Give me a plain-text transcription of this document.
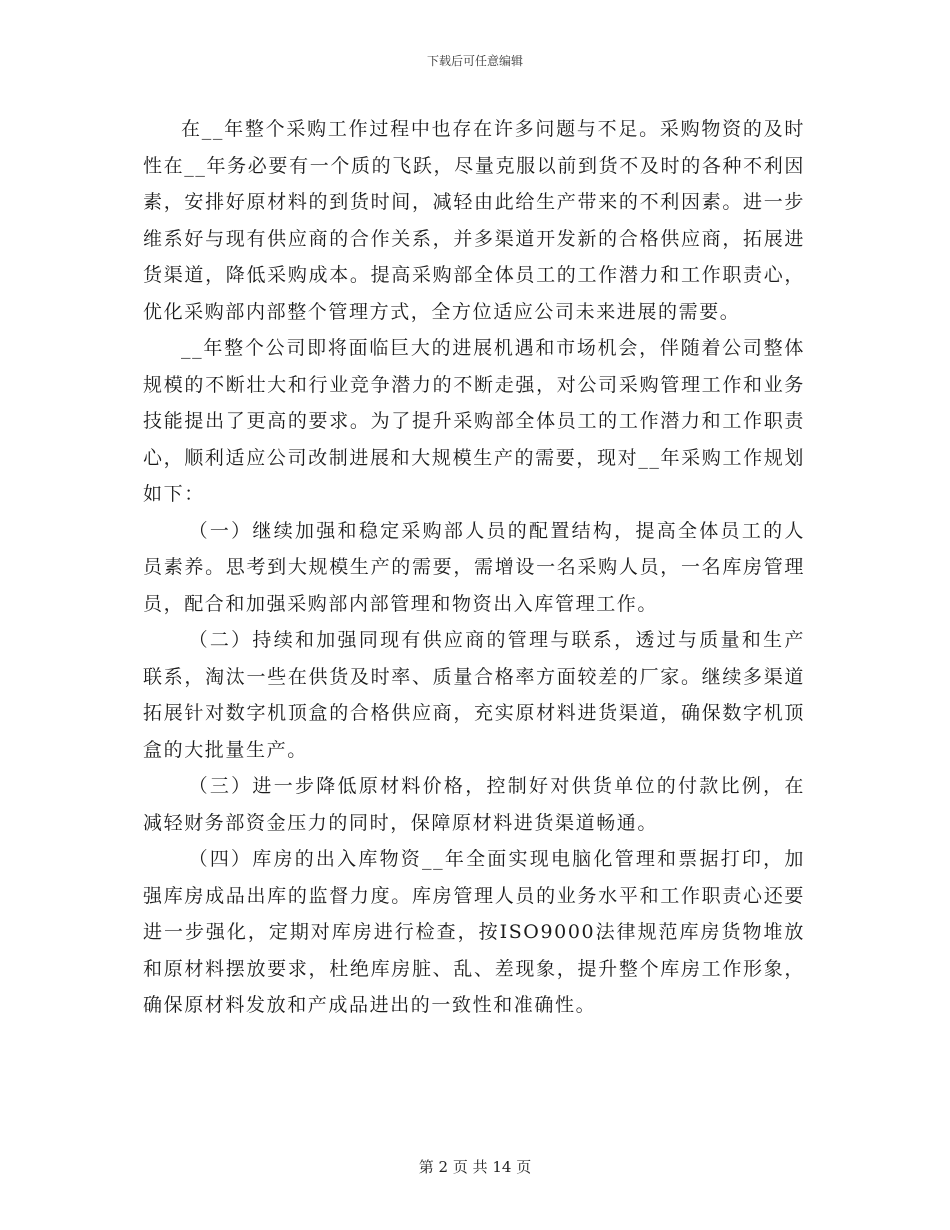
下载后可任意编辑

在__年整个采购工作过程中也存在许多问题与不足。采购物资的及时性在__年务必要有一个质的飞跃，尽量克服以前到货不及时的各种不利因素，安排好原材料的到货时间，减轻由此给生产带来的不利因素。进一步维系好与现有供应商的合作关系，并多渠道开发新的合格供应商，拓展进货渠道，降低采购成本。提高采购部全体员工的工作潜力和工作职责心，优化采购部内部整个管理方式，全方位适应公司未来进展的需要。

__年整个公司即将面临巨大的进展机遇和市场机会，伴随着公司整体规模的不断壮大和行业竞争潜力的不断走强，对公司采购管理工作和业务技能提出了更高的要求。为了提升采购部全体员工的工作潜力和工作职责心，顺利适应公司改制进展和大规模生产的需要，现对__年采购工作规划如下：

（一）继续加强和稳定采购部人员的配置结构，提高全体员工的人员素养。思考到大规模生产的需要，需增设一名采购人员，一名库房管理员，配合和加强采购部内部管理和物资出入库管理工作。

（二）持续和加强同现有供应商的管理与联系，透过与质量和生产联系，淘汰一些在供货及时率、质量合格率方面较差的厂家。继续多渠道拓展针对数字机顶盒的合格供应商，充实原材料进货渠道，确保数字机顶盒的大批量生产。

（三）进一步降低原材料价格，控制好对供货单位的付款比例，在减轻财务部资金压力的同时，保障原材料进货渠道畅通。

（四）库房的出入库物资__年全面实现电脑化管理和票据打印，加强库房成品出库的监督力度。库房管理人员的业务水平和工作职责心还要进一步强化，定期对库房进行检查，按ISO9000法律规范库房货物堆放和原材料摆放要求，杜绝库房脏、乱、差现象，提升整个库房工作形象，确保原材料发放和产成品进出的一致性和准确性。

第 2 页 共 14 页
